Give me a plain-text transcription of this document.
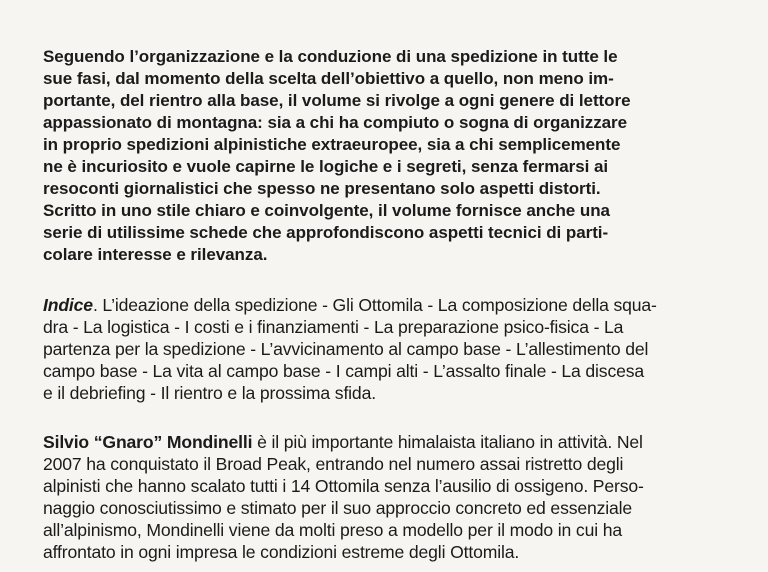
Seguendo l’organizzazione e la conduzione di una spedizione in tutte le
sue fasi, dal momento della scelta dell’obiettivo a quello, non meno im-
portante, del rientro alla base, il volume si rivolge a ogni genere di lettore
appassionato di montagna: sia a chi ha compiuto o sogna di organizzare
in proprio spedizioni alpinistiche extraeuropee, sia a chi semplicemente
ne è incuriosito e vuole capirne le logiche e i segreti, senza fermarsi ai
resoconti giornalistici che spesso ne presentano solo aspetti distorti.
Scritto in uno stile chiaro e coinvolgente, il volume fornisce anche una
serie di utilissime schede che approfondiscono aspetti tecnici di parti-
colare interesse e rilevanza.

Indice. L’ideazione della spedizione - Gli Ottomila - La composizione della squa-
dra - La logistica - I costi e i finanziamenti - La preparazione psico-fisica - La
partenza per la spedizione - L’avvicinamento al campo base - L’allestimento del
campo base - La vita al campo base - I campi alti - L’assalto finale - La discesa
e il debriefing - Il rientro e la prossima sfida.

Silvio “Gnaro” Mondinelli è il più importante himalaista italiano in attività. Nel
2007 ha conquistato il Broad Peak, entrando nel numero assai ristretto degli
alpinisti che hanno scalato tutti i 14 Ottomila senza l’ausilio di ossigeno. Perso-
naggio conosciutissimo e stimato per il suo approccio concreto ed essenziale
all’alpinismo, Mondinelli viene da molti preso a modello per il modo in cui ha
affrontato in ogni impresa le condizioni estreme degli Ottomila.
